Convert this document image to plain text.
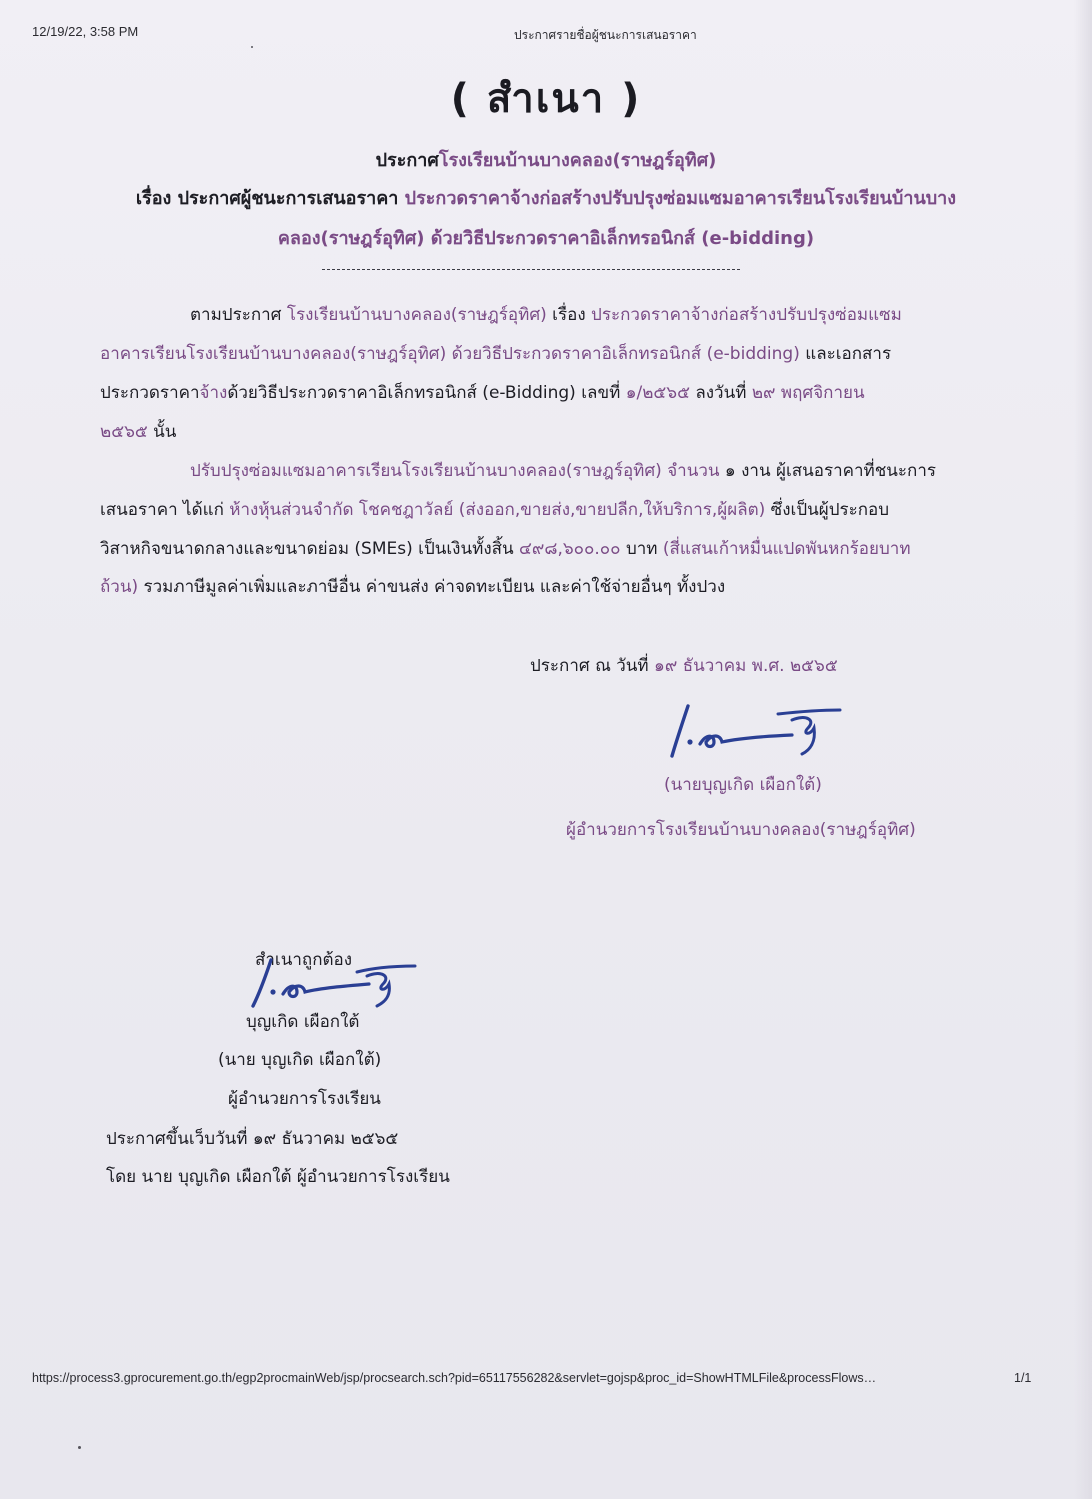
12/19/22, 3:58 PM	ประกาศรายชื่อผู้ชนะการเสนอราคา
( สำเนา )
ประกาศโรงเรียนบ้านบางคลอง(ราษฎร์อุทิศ)
เรื่อง ประกาศผู้ชนะการเสนอราคา ประกวดราคาจ้างก่อสร้างปรับปรุงซ่อมแซมอาคารเรียนโรงเรียนบ้านบาง
คลอง(ราษฎร์อุทิศ) ด้วยวิธีประกวดราคาอิเล็กทรอนิกส์ (e-bidding)
ตามประกาศ โรงเรียนบ้านบางคลอง(ราษฎร์อุทิศ) เรื่อง ประกวดราคาจ้างก่อสร้างปรับปรุงซ่อมแซม
อาคารเรียนโรงเรียนบ้านบางคลอง(ราษฎร์อุทิศ) ด้วยวิธีประกวดราคาอิเล็กทรอนิกส์ (e-bidding) และเอกสาร
ประกวดราคาจ้างด้วยวิธีประกวดราคาอิเล็กทรอนิกส์ (e-Bidding) เลขที่ ๑/๒๕๖๕ ลงวันที่ ๒๙ พฤศจิกายน
๒๕๖๕ นั้น
ปรับปรุงซ่อมแซมอาคารเรียนโรงเรียนบ้านบางคลอง(ราษฎร์อุทิศ) จำนวน ๑ งาน ผู้เสนอราคาที่ชนะการ
เสนอราคา ได้แก่ ห้างหุ้นส่วนจำกัด โชคชฎาวัลย์ (ส่งออก,ขายส่ง,ขายปลีก,ให้บริการ,ผู้ผลิต) ซึ่งเป็นผู้ประกอบ
วิสาหกิจขนาดกลางและขนาดย่อม (SMEs) เป็นเงินทั้งสิ้น ๔๙๘,๖๐๐.๐๐ บาท (สี่แสนเก้าหมื่นแปดพันหกร้อยบาท
ถ้วน) รวมภาษีมูลค่าเพิ่มและภาษีอื่น ค่าขนส่ง ค่าจดทะเบียน และค่าใช้จ่ายอื่นๆ ทั้งปวง
ประกาศ ณ วันที่ ๑๙ ธันวาคม พ.ศ. ๒๕๖๕
(นายบุญเกิด เผือกใต้)
ผู้อำนวยการโรงเรียนบ้านบางคลอง(ราษฎร์อุทิศ)
สำเนาถูกต้อง
บุญเกิด เผือกใต้
(นาย บุญเกิด เผือกใต้)
ผู้อำนวยการโรงเรียน
ประกาศขึ้นเว็บวันที่ ๑๙ ธันวาคม ๒๕๖๕
โดย นาย บุญเกิด เผือกใต้ ผู้อำนวยการโรงเรียน
https://process3.gprocurement.go.th/egp2procmainWeb/jsp/procsearch.sch?pid=65117556282&servlet=gojsp&proc_id=ShowHTMLFile&processFlows…	1/1
